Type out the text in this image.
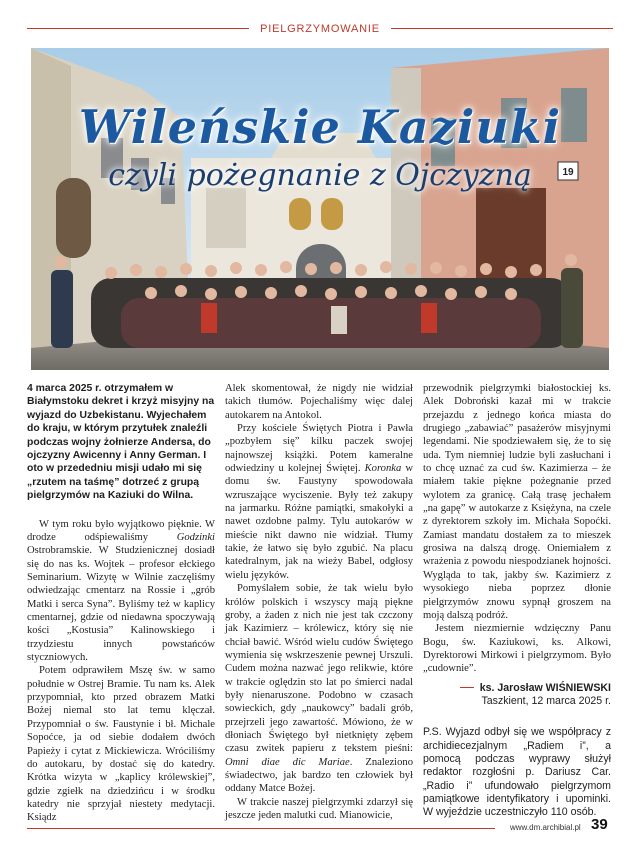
PIELGRZYMOWANIE
19
Wileńskie Kaziuki
czyli pożegnanie z Ojczyzną

4 marca 2025 r. otrzymałem w Białymstoku dekret i krzyż misyjny na wyjazd do Uzbekistanu. Wyjechałem do kraju, w którym przytułek znaleźli podczas wojny żołnierze Andersa, do ojczyzny Awicenny i Anny German. I oto w przededniu misji udało mi się „rzutem na taśmę” dotrzeć z grupą pielgrzymów na Kaziuki do Wilna.

W tym roku było wyjątkowo pięknie. W drodze odśpiewaliśmy Godzinki Ostrobramskie. W Studzienicznej dosiadł się do nas ks. Wojtek – profesor ełckiego Seminarium. Wizytę w Wilnie zaczęliśmy odwiedzając cmentarz na Rossie i „grób Matki i serca Syna”. Byliśmy też w kaplicy cmentarnej, gdzie od niedawna spoczywają kości „Kostusia” Kalinowskiego i trzydziestu innych powstańców styczniowych.

Potem odprawiłem Mszę św. w samo południe w Ostrej Bramie. Tu nam ks. Alek przypomniał, kto przed obrazem Matki Bożej niemal sto lat temu klęczał. Przypomniał o św. Faustynie i bł. Michale Sopoćce, ja od siebie dodałem dwóch Papieży i cytat z Mickiewicza. Wróciliśmy do autokaru, by dostać się do katedry. Krótka wizyta w „kaplicy królewskiej”, gdzie zgiełk na dziedzińcu i w środku katedry nie sprzyjał niestety medytacji. Ksiądz

Alek skomentował, że nigdy nie widział takich tłumów. Pojechaliśmy więc dalej autokarem na Antokol.

Przy kościele Świętych Piotra i Pawła „pozbyłem się” kilku paczek swojej najnowszej książki. Potem kameralne odwiedziny u kolejnej Świętej. Koronka w domu św. Faustyny spowodowała wzruszające wyciszenie. Były też zakupy na jarmarku. Różne pamiątki, smakołyki a nawet ozdobne palmy. Tylu autokarów w mieście nikt dawno nie widział. Tłumy takie, że łatwo się było zgubić. Na placu katedralnym, jak na wieży Babel, odgłosy wielu języków.

Pomyślałem sobie, że tak wielu było królów polskich i wszyscy mają piękne groby, a żaden z nich nie jest tak czczony jak Kazimierz – królewicz, który się nie chciał bawić. Wśród wielu cudów Świętego wymienia się wskrzeszenie pewnej Urszuli. Cudem można nazwać jego relikwie, które w trakcie oględzin sto lat po śmierci nadal były nienaruszone. Podobno w czasach sowieckich, gdy „naukowcy” badali grób, przejrzeli jego zawartość. Mówiono, że w dłoniach Świętego był nietknięty zębem czasu zwitek papieru z tekstem pieśni: Omni diae dic Mariae. Znaleziono świadectwo, jak bardzo ten człowiek był oddany Matce Bożej.

W trakcie naszej pielgrzymki zdarzył się jeszcze jeden malutki cud. Mianowicie,

przewodnik pielgrzymki białostockiej ks. Alek Dobroński kazał mi w trakcie przejazdu z jednego końca miasta do drugiego „zabawiać” pasażerów misyjnymi legendami. Nie spodziewałem się, że to się uda. Tym niemniej ludzie byli zasłuchani i to chcę uznać za cud św. Kazimierza – że miałem takie piękne pożegnanie przed wylotem za granicę. Całą trasę jechałem „na gapę” w autokarze z Księżyna, na czele z dyrektorem szkoły im. Michała Sopoćki. Zamiast mandatu dostałem za to mieszek grosiwa na dalszą drogę. Oniemiałem z wrażenia z powodu niespodzianek hojności. Wygląda to tak, jakby św. Kazimierz z wysokiego nieba poprzez dłonie pielgrzymów znowu sypnął groszem na moją dalszą podróż.

Jestem niezmiernie wdzięczny Panu Bogu, św. Kaziukowi, ks. Alkowi, Dyrektorowi Mirkowi i pielgrzymom. Było „cudownie”.

ks. Jarosław WIŚNIEWSKI
Taszkient, 12 marca 2025 r.

P.S. Wyjazd odbył się we współpracy z archidiecezjalnym „Radiem i”, a pomocą podczas wyprawy służył redaktor rozgłośni p. Dariusz Car. „Radio i” ufundowało pielgrzymom pamiątkowe identyfikatory i upominki. W wyjeździe uczestniczyło 110 osób.

www.dm.archibial.pl 39
